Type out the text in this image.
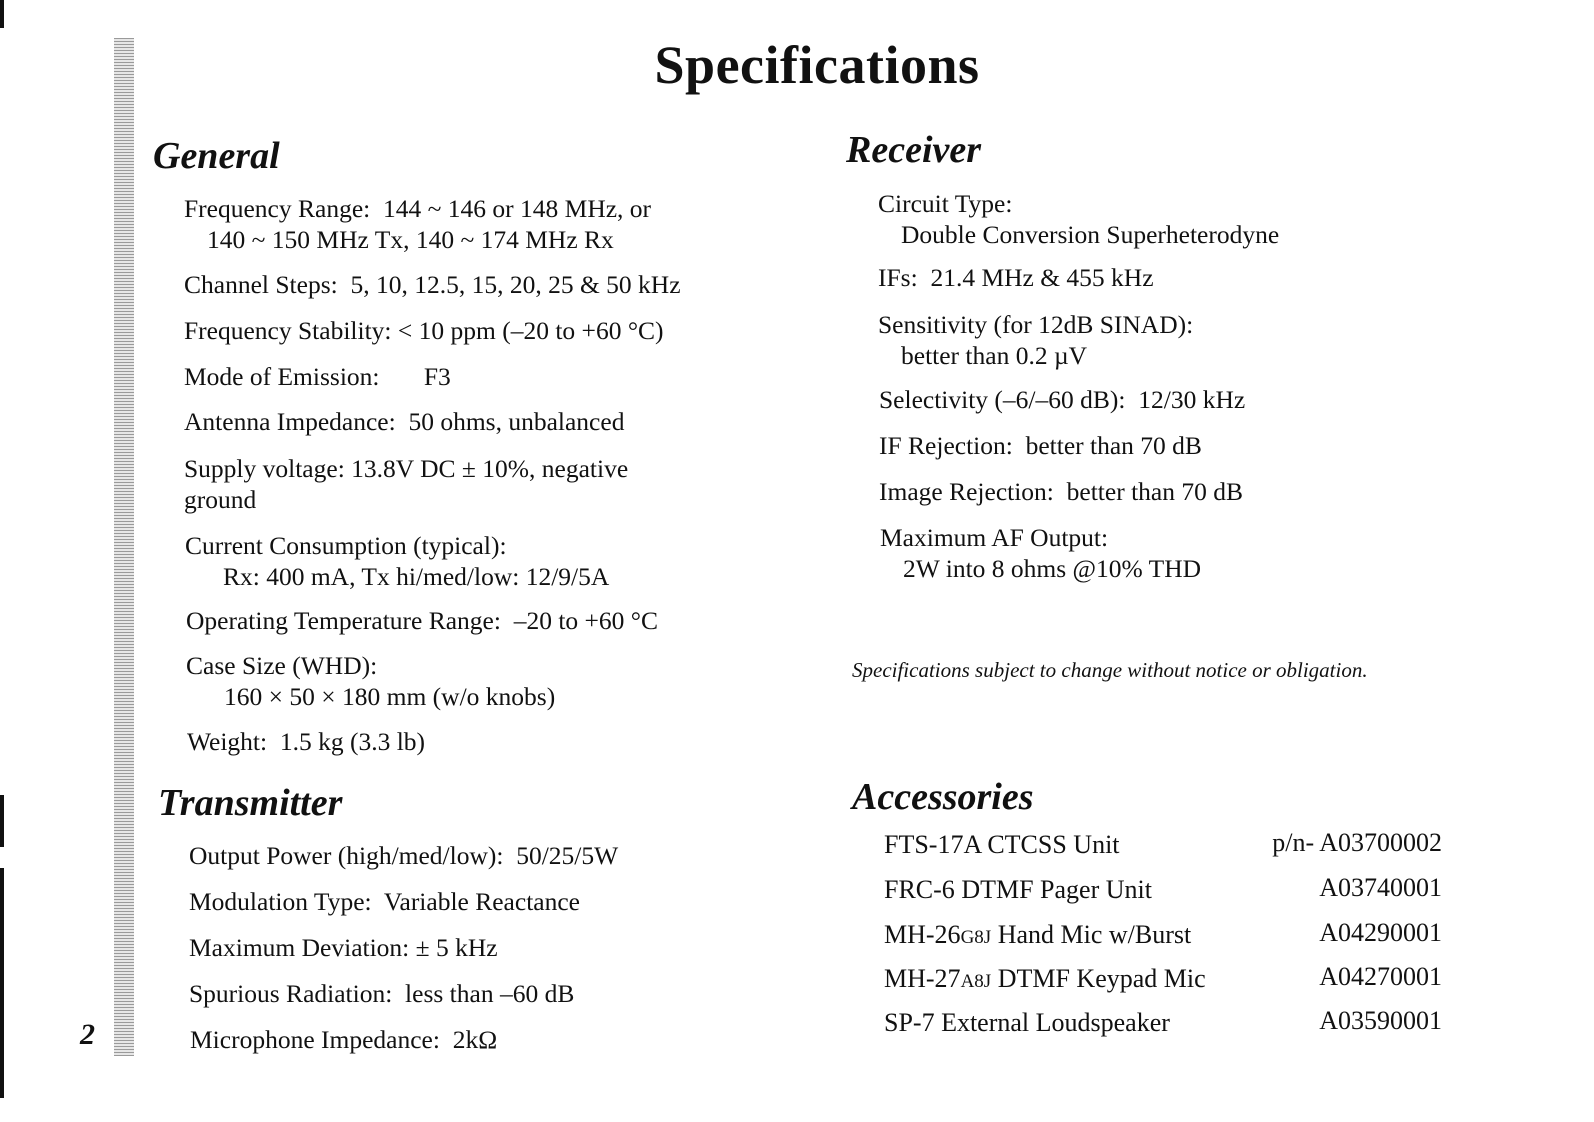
2
Specifications
General
Frequency Range: 144 ~ 146 or 148 MHz, or
140 ~ 150 MHz Tx, 140 ~ 174 MHz Rx
Channel Steps: 5, 10, 12.5, 15, 20, 25 & 50 kHz
Frequency Stability: < 10 ppm (–20 to +60 °C)
Mode of Emission: F3
Antenna Impedance: 50 ohms, unbalanced
Supply voltage: 13.8V DC ± 10%, negative
ground
Current Consumption (typical):
Rx: 400 mA, Tx hi/med/low: 12/9/5A
Operating Temperature Range: –20 to +60 °C
Case Size (WHD):
160 × 50 × 180 mm (w/o knobs)
Weight: 1.5 kg (3.3 lb)
Transmitter
Output Power (high/med/low): 50/25/5W
Modulation Type: Variable Reactance
Maximum Deviation: ± 5 kHz
Spurious Radiation: less than –60 dB
Microphone Impedance: 2kΩ
Receiver
Circuit Type:
Double Conversion Superheterodyne
IFs: 21.4 MHz & 455 kHz
Sensitivity (for 12dB SINAD):
better than 0.2 µV
Selectivity (–6/–60 dB): 12/30 kHz
IF Rejection: better than 70 dB
Image Rejection: better than 70 dB
Maximum AF Output:
2W into 8 ohms @10% THD
Specifications subject to change without notice or obligation.
Accessories
FTS-17A CTCSS Unit	p/n- A03700002
FRC-6 DTMF Pager Unit	A03740001
MH-26G8J Hand Mic w/Burst	A04290001
MH-27A8J DTMF Keypad Mic	A04270001
SP-7 External Loudspeaker	A03590001
